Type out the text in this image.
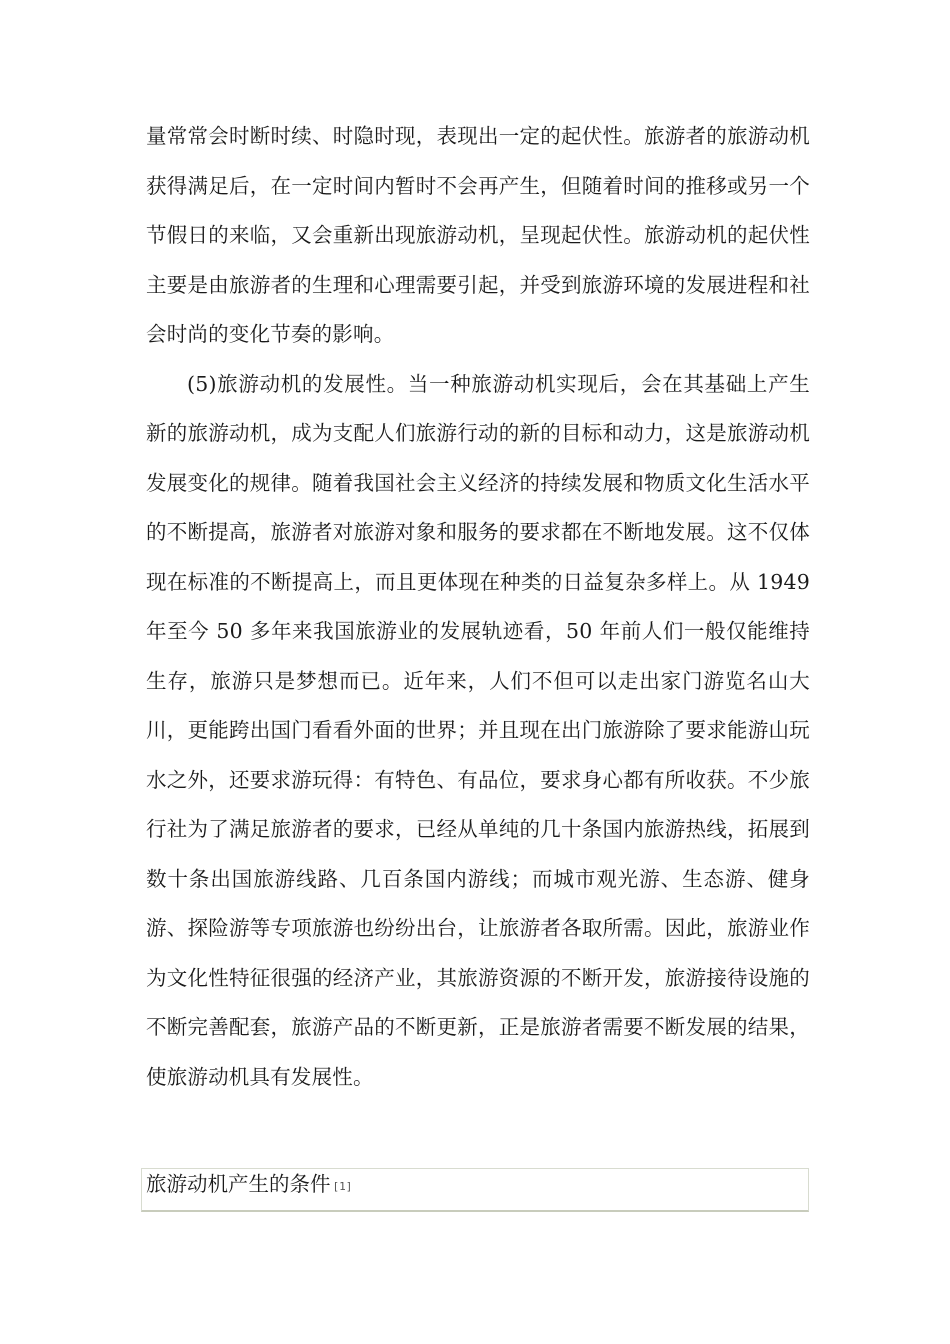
量常常会时断时续、时隐时现，表现出一定的起伏性。旅游者的旅游动机获得满足后，在一定时间内暂时不会再产生，但随着时间的推移或另一个节假日的来临，又会重新出现旅游动机，呈现起伏性。旅游动机的起伏性主要是由旅游者的生理和心理需要引起，并受到旅游环境的发展进程和社会时尚的变化节奏的影响。

(5)旅游动机的发展性。当一种旅游动机实现后，会在其基础上产生新的旅游动机，成为支配人们旅游行动的新的目标和动力，这是旅游动机发展变化的规律。随着我国社会主义经济的持续发展和物质文化生活水平的不断提高，旅游者对旅游对象和服务的要求都在不断地发展。这不仅体现在标准的不断提高上，而且更体现在种类的日益复杂多样上。从 1949 年至今 50 多年来我国旅游业的发展轨迹看，50 年前人们一般仅能维持生存，旅游只是梦想而已。近年来，人们不但可以走出家门游览名山大川，更能跨出国门看看外面的世界；并且现在出门旅游除了要求能游山玩水之外，还要求游玩得：有特色、有品位，要求身心都有所收获。不少旅行社为了满足旅游者的要求，已经从单纯的几十条国内旅游热线，拓展到数十条出国旅游线路、几百条国内游线；而城市观光游、生态游、健身游、探险游等专项旅游也纷纷出台，让旅游者各取所需。因此，旅游业作为文化性特征很强的经济产业，其旅游资源的不断开发，旅游接待设施的不断完善配套，旅游产品的不断更新，正是旅游者需要不断发展的结果，使旅游动机具有发展性。

旅游动机产生的条件 [1]
